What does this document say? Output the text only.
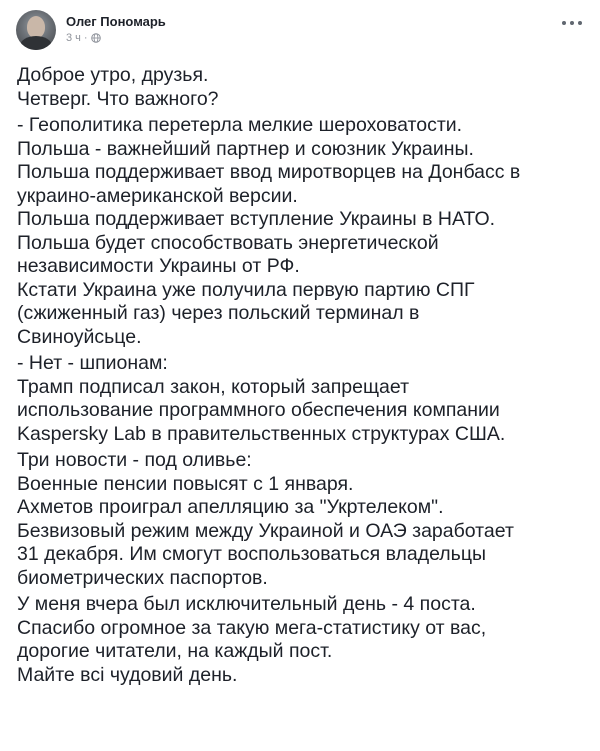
Олег Пономарь
3 ч ·
Доброе утро, друзья.
Четверг. Что важного?
- Геополитика перетерла мелкие шероховатости.
Польша - важнейший партнер и союзник Украины.
Польша поддерживает ввод миротворцев на Донбасс в
украино-американской версии.
Польша поддерживает вступление Украины в НАТО.
Польша будет способствовать энергетической
независимости Украины от РФ.
Кстати Украина уже получила первую партию СПГ
(сжиженный газ) через польский терминал в
Свиноуйсьце.
- Нет - шпионам:
Трамп подписал закон, который запрещает
использование программного обеспечения компании
Kaspersky Lab в правительственных структурах США.
Три новости - под оливье:
Военные пенсии повысят с 1 января.
Ахметов проиграл апелляцию за "Укртелеком".
Безвизовый режим между Украиной и ОАЭ заработает
31 декабря. Им смогут воспользоваться владельцы
биометрических паспортов.
У меня вчера был исключительный день - 4 поста.
Спасибо огромное за такую мега-статистику от вас,
дорогие читатели, на каждый пост.
Майте всі чудовий день.
